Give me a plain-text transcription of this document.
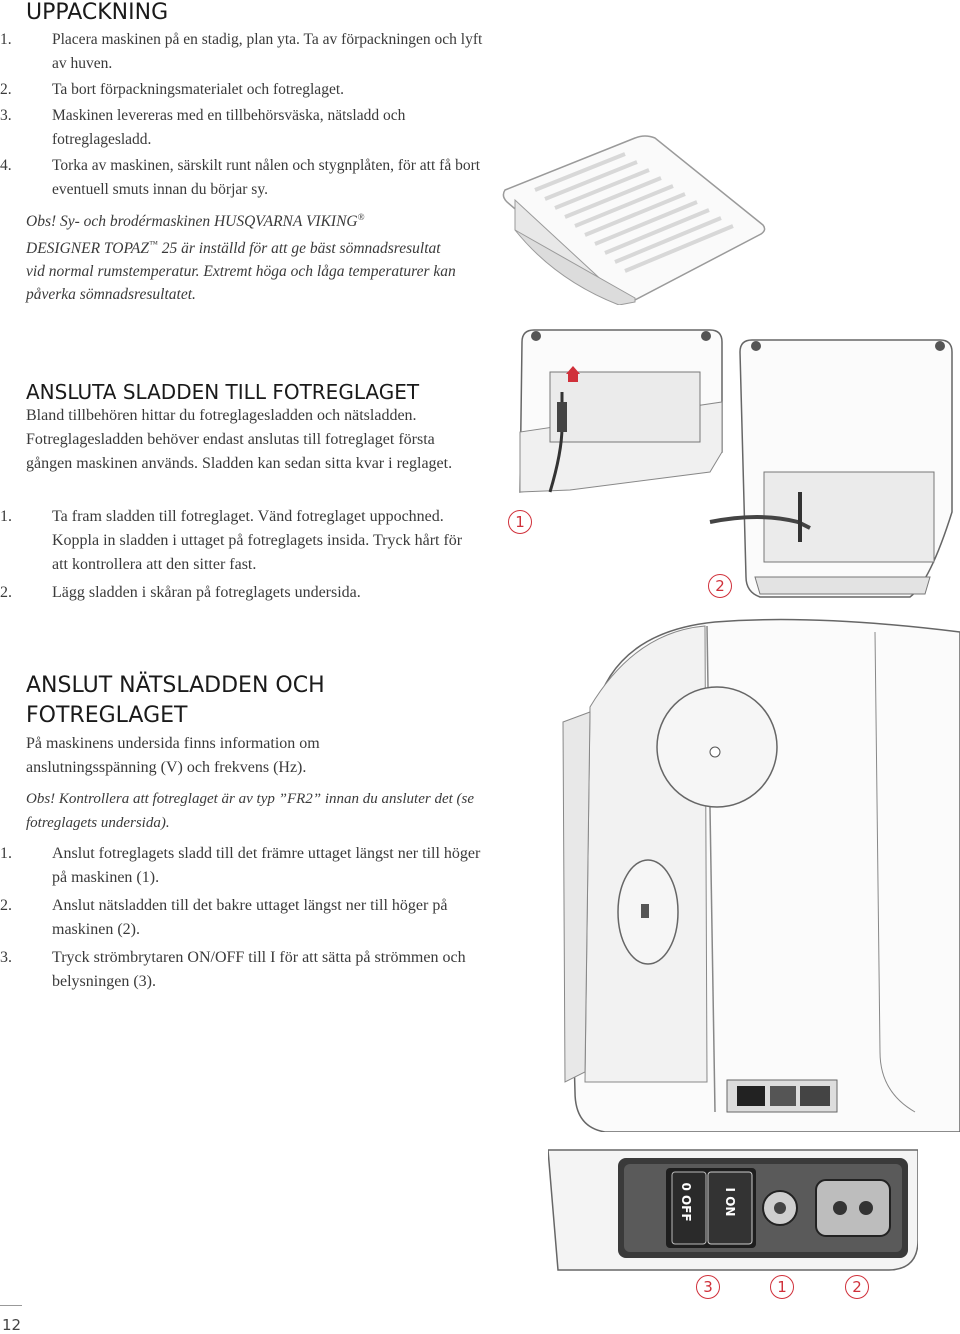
UPPACKNING
1.	Placera maskinen på en stadig, plan yta. Ta av förpackningen och lyft av huven.
2.	Ta bort förpackningsmaterialet och fotreglaget.
3.	Maskinen levereras med en tillbehörsväska, nätsladd och fotreglagesladd.
4.	Torka av maskinen, särskilt runt nålen och stygnplåten, för att få bort eventuell smuts innan du börjar sy.
Obs! Sy- och brodérmaskinen HUSQVARNA VIKING®
DESIGNER TOPAZ™ 25 är inställd för att ge bäst sömnadsresultat
vid normal rumstemperatur. Extremt höga och låga temperaturer kan
påverka sömnadsresultatet.
ANSLUTA SLADDEN TILL FOTREGLAGET
Bland tillbehören hittar du fotreglagesladden och nätsladden. Fotreglagesladden behöver endast anslutas till fotreglaget första gången maskinen används. Sladden kan sedan sitta kvar i reglaget.
1.	Ta fram sladden till fotreglaget. Vänd fotreglaget uppochned. Koppla in sladden i uttaget på fotreglagets insida. Tryck hårt för att kontrollera att den sitter fast.
2.	Lägg sladden i skåran på fotreglagets undersida.
1
2
ANSLUT NÄTSLADDEN OCH
FOTREGLAGET
På maskinens undersida finns information om anslutningsspänning (V) och frekvens (Hz).
Obs! Kontrollera att fotreglaget är av typ ”FR2” innan du ansluter det (se fotreglagets undersida).
1.	Anslut fotreglagets sladd till det främre uttaget längst ner till höger på maskinen (1).
2.	Anslut nätsladden till det bakre uttaget längst ner till höger på maskinen (2).
3.	Tryck strömbrytaren ON/OFF till I för att sätta på strömmen och belysningen (3).
I ON
0 OFF
3	1	2
12
